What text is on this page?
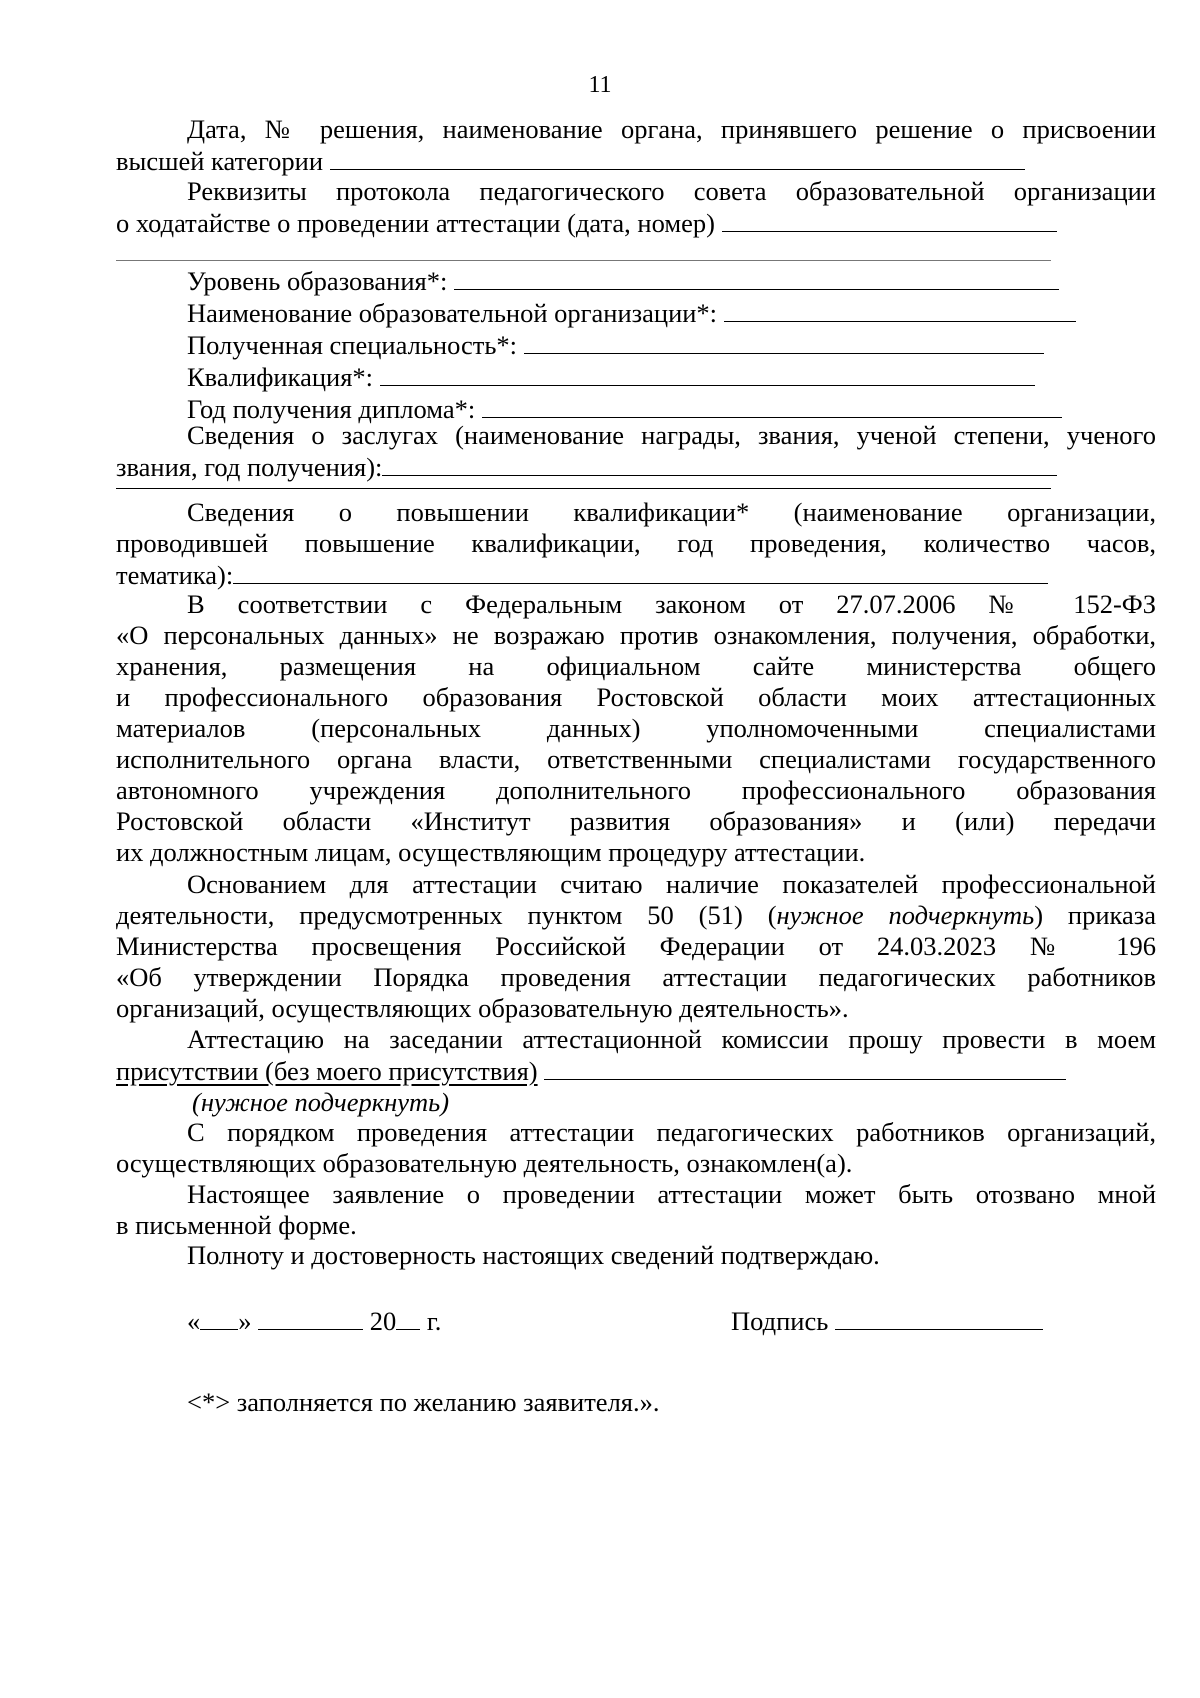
11
Дата, № решения, наименование органа, принявшего решение о присвоении
высшей категории
Реквизиты протокола педагогического совета образовательной организации
о ходатайстве о проведении аттестации (дата, номер)
Уровень образования*:
Наименование образовательной организации*:
Полученная специальность*:
Квалификация*:
Год получения диплома*:
Сведения о заслугах (наименование награды, звания, ученой степени, ученого
звания, год получения):
Сведения о повышении квалификации* (наименование организации,
проводившей повышение квалификации, год проведения, количество часов,
тематика):
В соответствии с Федеральным законом от 27.07.2006 № 152-ФЗ
«О персональных данных» не возражаю против ознакомления, получения, обработки,
хранения, размещения на официальном сайте министерства общего
и профессионального образования Ростовской области моих аттестационных
материалов (персональных данных) уполномоченными специалистами
исполнительного органа власти, ответственными специалистами государственного
автономного учреждения дополнительного профессионального образования
Ростовской области «Институт развития образования» и (или) передачи
их должностным лицам, осуществляющим процедуру аттестации.
Основанием для аттестации считаю наличие показателей профессиональной
деятельности, предусмотренных пунктом 50 (51) (нужное подчеркнуть) приказа
Министерства просвещения Российской Федерации от 24.03.2023 № 196
«Об утверждении Порядка проведения аттестации педагогических работников
организаций, осуществляющих образовательную деятельность».
Аттестацию на заседании аттестационной комиссии прошу провести в моем
присутствии (без моего присутствия)
(нужное подчеркнуть)
С порядком проведения аттестации педагогических работников организаций,
осуществляющих образовательную деятельность, ознакомлен(а).
Настоящее заявление о проведении аттестации может быть отозвано мной
в письменной форме.
Полноту и достоверность настоящих сведений подтверждаю.
« »	20 г.	Подпись
<*> заполняется по желанию заявителя.».
